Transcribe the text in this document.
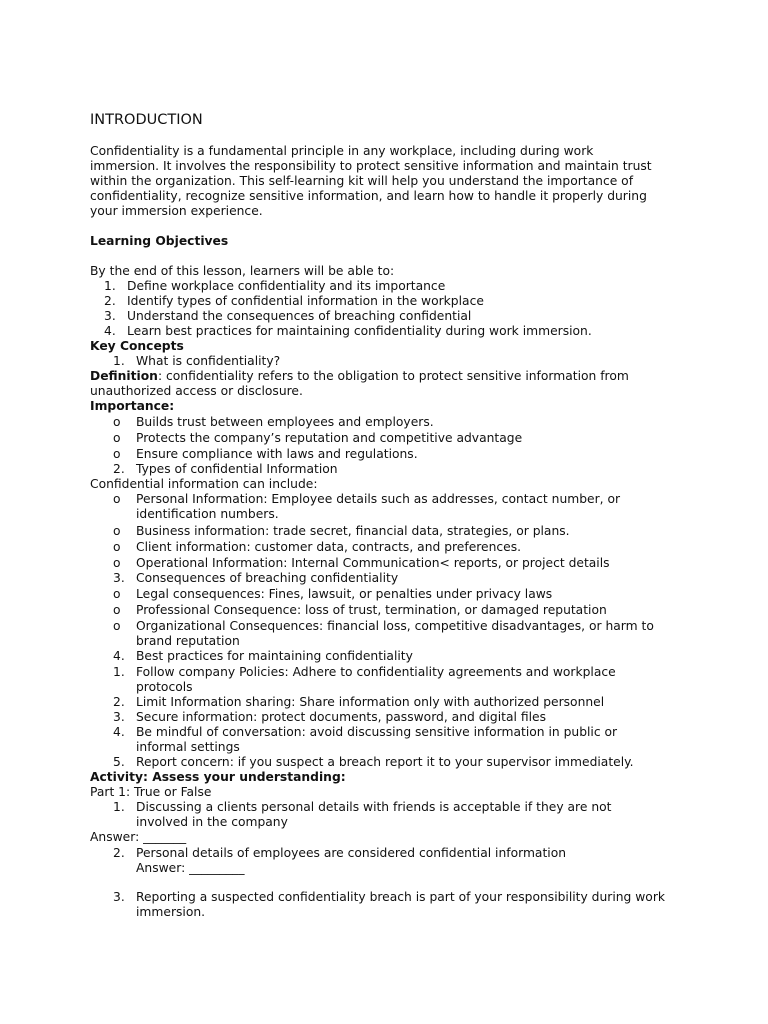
INTRODUCTION
Confidentiality is a fundamental principle in any workplace, including during work
immersion. It involves the responsibility to protect sensitive information and maintain trust
within the organization. This self-learning kit will help you understand the importance of
confidentiality, recognize sensitive information, and learn how to handle it properly during
your immersion experience.
Learning Objectives
By the end of this lesson, learners will be able to:
1. Define workplace confidentiality and its importance
2. Identify types of confidential information in the workplace
3. Understand the consequences of breaching confidential
4. Learn best practices for maintaining confidentiality during work immersion.
Key Concepts
1. What is confidentiality?
Definition: confidentiality refers to the obligation to protect sensitive information from
unauthorized access or disclosure.
Importance:
o Builds trust between employees and employers.
o Protects the company’s reputation and competitive advantage
o Ensure compliance with laws and regulations.
2. Types of confidential Information
Confidential information can include:
o Personal Information: Employee details such as addresses, contact number, or
identification numbers.
o Business information: trade secret, financial data, strategies, or plans.
o Client information: customer data, contracts, and preferences.
o Operational Information: Internal Communication< reports, or project details
3. Consequences of breaching confidentiality
o Legal consequences: Fines, lawsuit, or penalties under privacy laws
o Professional Consequence: loss of trust, termination, or damaged reputation
o Organizational Consequences: financial loss, competitive disadvantages, or harm to
brand reputation
4. Best practices for maintaining confidentiality
1. Follow company Policies: Adhere to confidentiality agreements and workplace
protocols
2. Limit Information sharing: Share information only with authorized personnel
3. Secure information: protect documents, password, and digital files
4. Be mindful of conversation: avoid discussing sensitive information in public or
informal settings
5. Report concern: if you suspect a breach report it to your supervisor immediately.
Activity: Assess your understanding:
Part 1: True or False
1. Discussing a clients personal details with friends is acceptable if they are not
involved in the company
Answer: _______
2. Personal details of employees are considered confidential information
Answer: _________
3. Reporting a suspected confidentiality breach is part of your responsibility during work
immersion.
